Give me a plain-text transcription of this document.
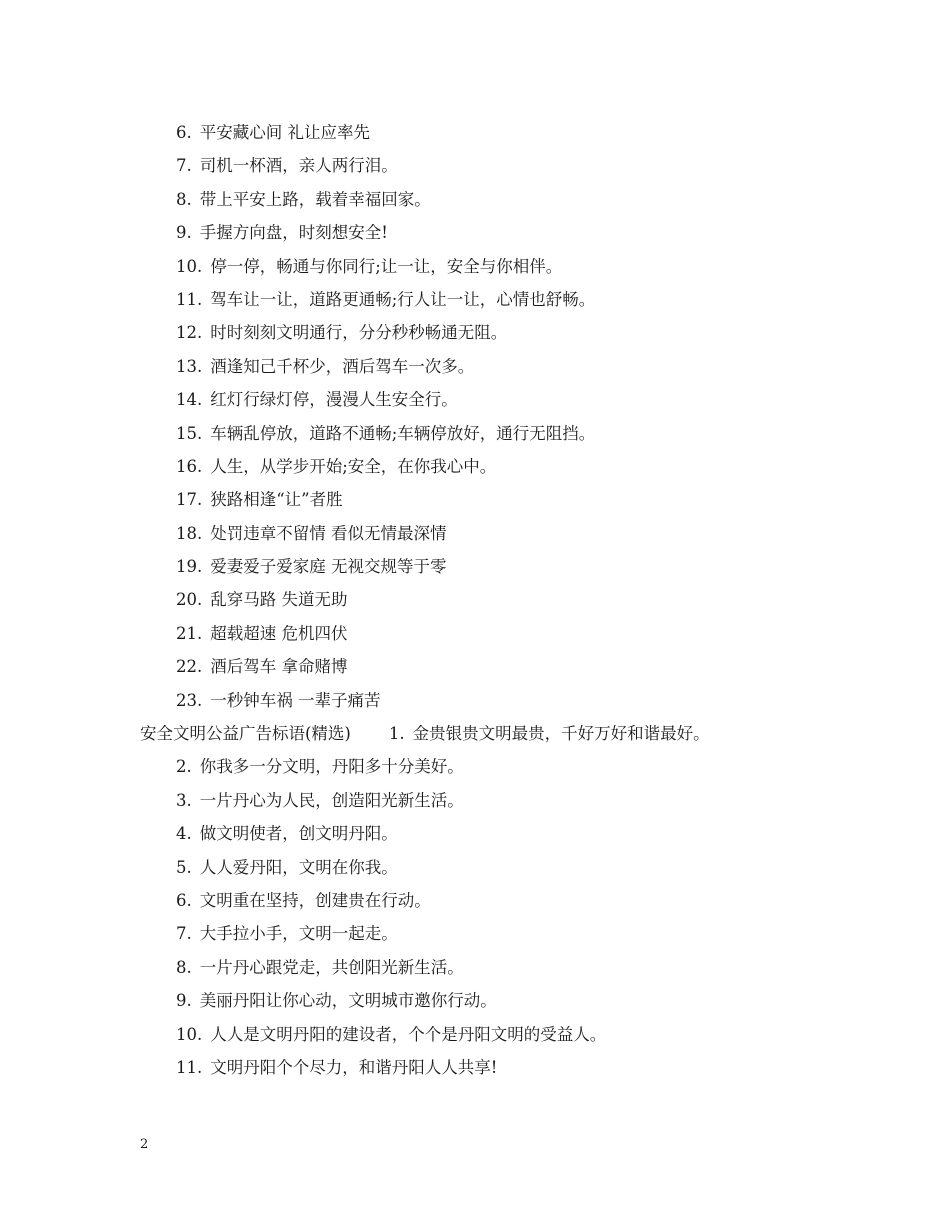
6. 平安藏心间 礼让应率先
7. 司机一杯酒，亲人两行泪。
8. 带上平安上路，载着幸福回家。
9. 手握方向盘，时刻想安全!
10. 停一停，畅通与你同行;让一让，安全与你相伴。
11. 驾车让一让，道路更通畅;行人让一让，心情也舒畅。
12. 时时刻刻文明通行，分分秒秒畅通无阻。
13. 酒逢知己千杯少，酒后驾车一次多。
14. 红灯行绿灯停，漫漫人生安全行。
15. 车辆乱停放，道路不通畅;车辆停放好，通行无阻挡。
16. 人生，从学步开始;安全，在你我心中。
17. 狭路相逢“让”者胜
18. 处罚违章不留情 看似无情最深情
19. 爱妻爱子爱家庭 无视交规等于零
20. 乱穿马路 失道无助
21. 超载超速 危机四伏
22. 酒后驾车 拿命赌博
23. 一秒钟车祸 一辈子痛苦
安全文明公益广告标语(精选) 1. 金贵银贵文明最贵，千好万好和谐最好。
2. 你我多一分文明，丹阳多十分美好。
3. 一片丹心为人民，创造阳光新生活。
4. 做文明使者，创文明丹阳。
5. 人人爱丹阳，文明在你我。
6. 文明重在坚持，创建贵在行动。
7. 大手拉小手，文明一起走。
8. 一片丹心跟党走，共创阳光新生活。
9. 美丽丹阳让你心动，文明城市邀你行动。
10. 人人是文明丹阳的建设者，个个是丹阳文明的受益人。
11. 文明丹阳个个尽力，和谐丹阳人人共享!
2
